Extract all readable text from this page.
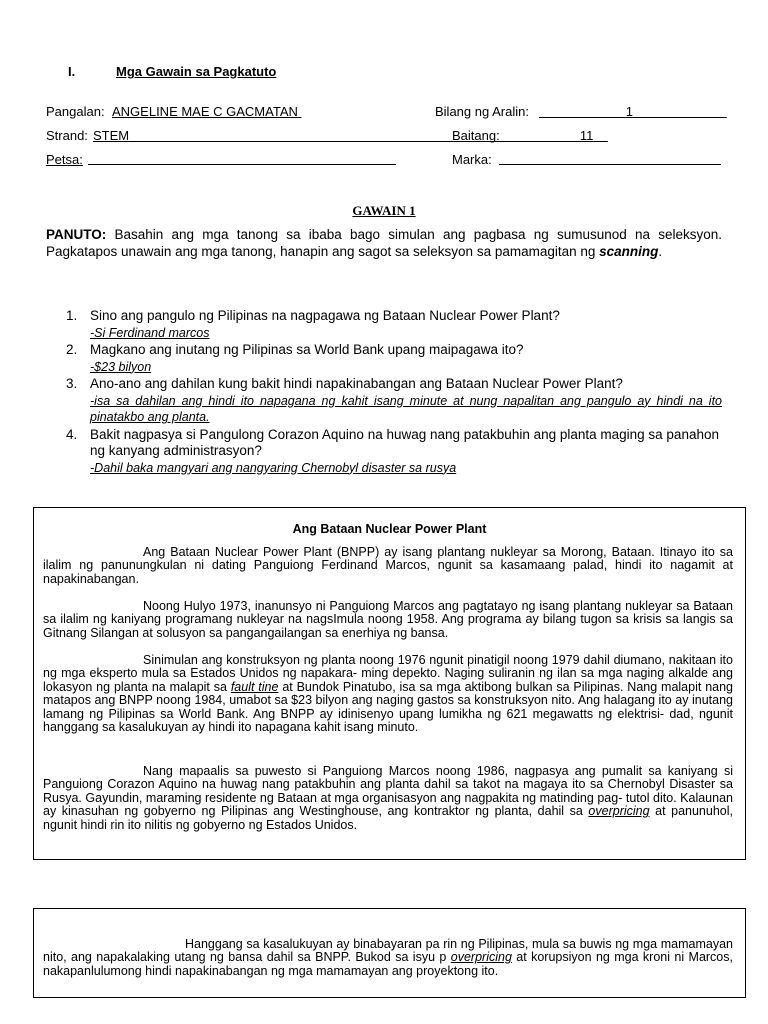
I.	Mga Gawain sa Pagkatuto
Pangalan: ANGELINE MAE C GACMATAN	Bilang ng Aralin:	1
Strand: STEM	Baitang:	11
Petsa:	Marka:
GAWAIN 1
PANUTO: Basahin ang mga tanong sa ibaba bago simulan ang pagbasa ng sumusunod na seleksyon. Pagkatapos unawain ang mga tanong, hanapin ang sagot sa seleksyon sa pamamagitan ng scanning.
1. Sino ang pangulo ng Pilipinas na nagpagawa ng Bataan Nuclear Power Plant?
-Si Ferdinand marcos
2. Magkano ang inutang ng Pilipinas sa World Bank upang maipagawa ito?
-$23 bilyon
3. Ano-ano ang dahilan kung bakit hindi napakinabangan ang Bataan Nuclear Power Plant?
-isa sa dahilan ang hindi ito napagana ng kahit isang minute at nung napalitan ang pangulo ay hindi na ito pinatakbo ang planta.
4. Bakit nagpasya si Pangulong Corazon Aquino na huwag nang patakbuhin ang planta maging sa panahon ng kanyang administrasyon?
-Dahil baka mangyari ang nangyaring Chernobyl disaster sa rusya
Ang Bataan Nuclear Power Plant
Ang Bataan Nuclear Power Plant (BNPP) ay isang plantang nukleyar sa Morong, Bataan. Itinayo ito sa ilalim ng panunungkulan ni dating Panguiong Ferdinand Marcos, ngunit sa kasamaang palad, hindi ito nagamit at napakinabangan.
Noong Hulyo 1973, inanunsyo ni Panguiong Marcos ang pagtatayo ng isang plantang nukleyar sa Bataan sa ilalim ng kaniyang programang nukleyar na nagsImula noong 1958. Ang programa ay bilang tugon sa krisis sa langis sa Gitnang Silangan at solusyon sa pangangailangan sa enerhiya ng bansa.
Sinimulan ang konstruksyon ng planta noong 1976 ngunit pinatigil noong 1979 dahil diumano, nakitaan ito ng mga eksperto mula sa Estados Unidos ng napakara- ming depekto. Naging suliranin ng ilan sa mga naging alkalde ang lokasyon ng planta na malapit sa fault tine at Bundok Pinatubo, isa sa mga aktibong bulkan sa Pilipinas. Nang malapit nang matapos ang BNPP noong 1984, umabot sa $23 bilyon ang naging gastos sa konstruksyon nito. Ang halagang ito ay inutang lamang ng Pilipinas sa World Bank. Ang BNPP ay idinisenyo upang lumikha ng 621 megawatts ng elektrisi- dad, ngunit hanggang sa kasalukuyan ay hindi ito napagana kahit isang minuto.
Nang mapaalis sa puwesto si Panguiong Marcos noong 1986, nagpasya ang pumalit sa kaniyang si Panguiong Corazon Aquino na huwag nang patakbuhin ang planta dahil sa takot na magaya ito sa Chernobyl Disaster sa Rusya. Gayundin, maraming residente ng Bataan at mga organisasyon ang nagpakita ng matinding pag- tutol dito. Kalaunan ay kinasuhan ng gobyerno ng Pilipinas ang Westinghouse, ang kontraktor ng planta, dahil sa overpricing at panunuhol, ngunit hindi rin ito nilitis ng gobyerno ng Estados Unidos.
Hanggang sa kasalukuyan ay binabayaran pa rin ng Pilipinas, mula sa buwis ng mga mamamayan nito, ang napakalaking utang ng bansa dahil sa BNPP. Bukod sa isyu p overpricing at korupsiyon ng mga kroni ni Marcos, nakapanlulumong hindi napakinabangan ng mga mamamayan ang proyektong ito.
